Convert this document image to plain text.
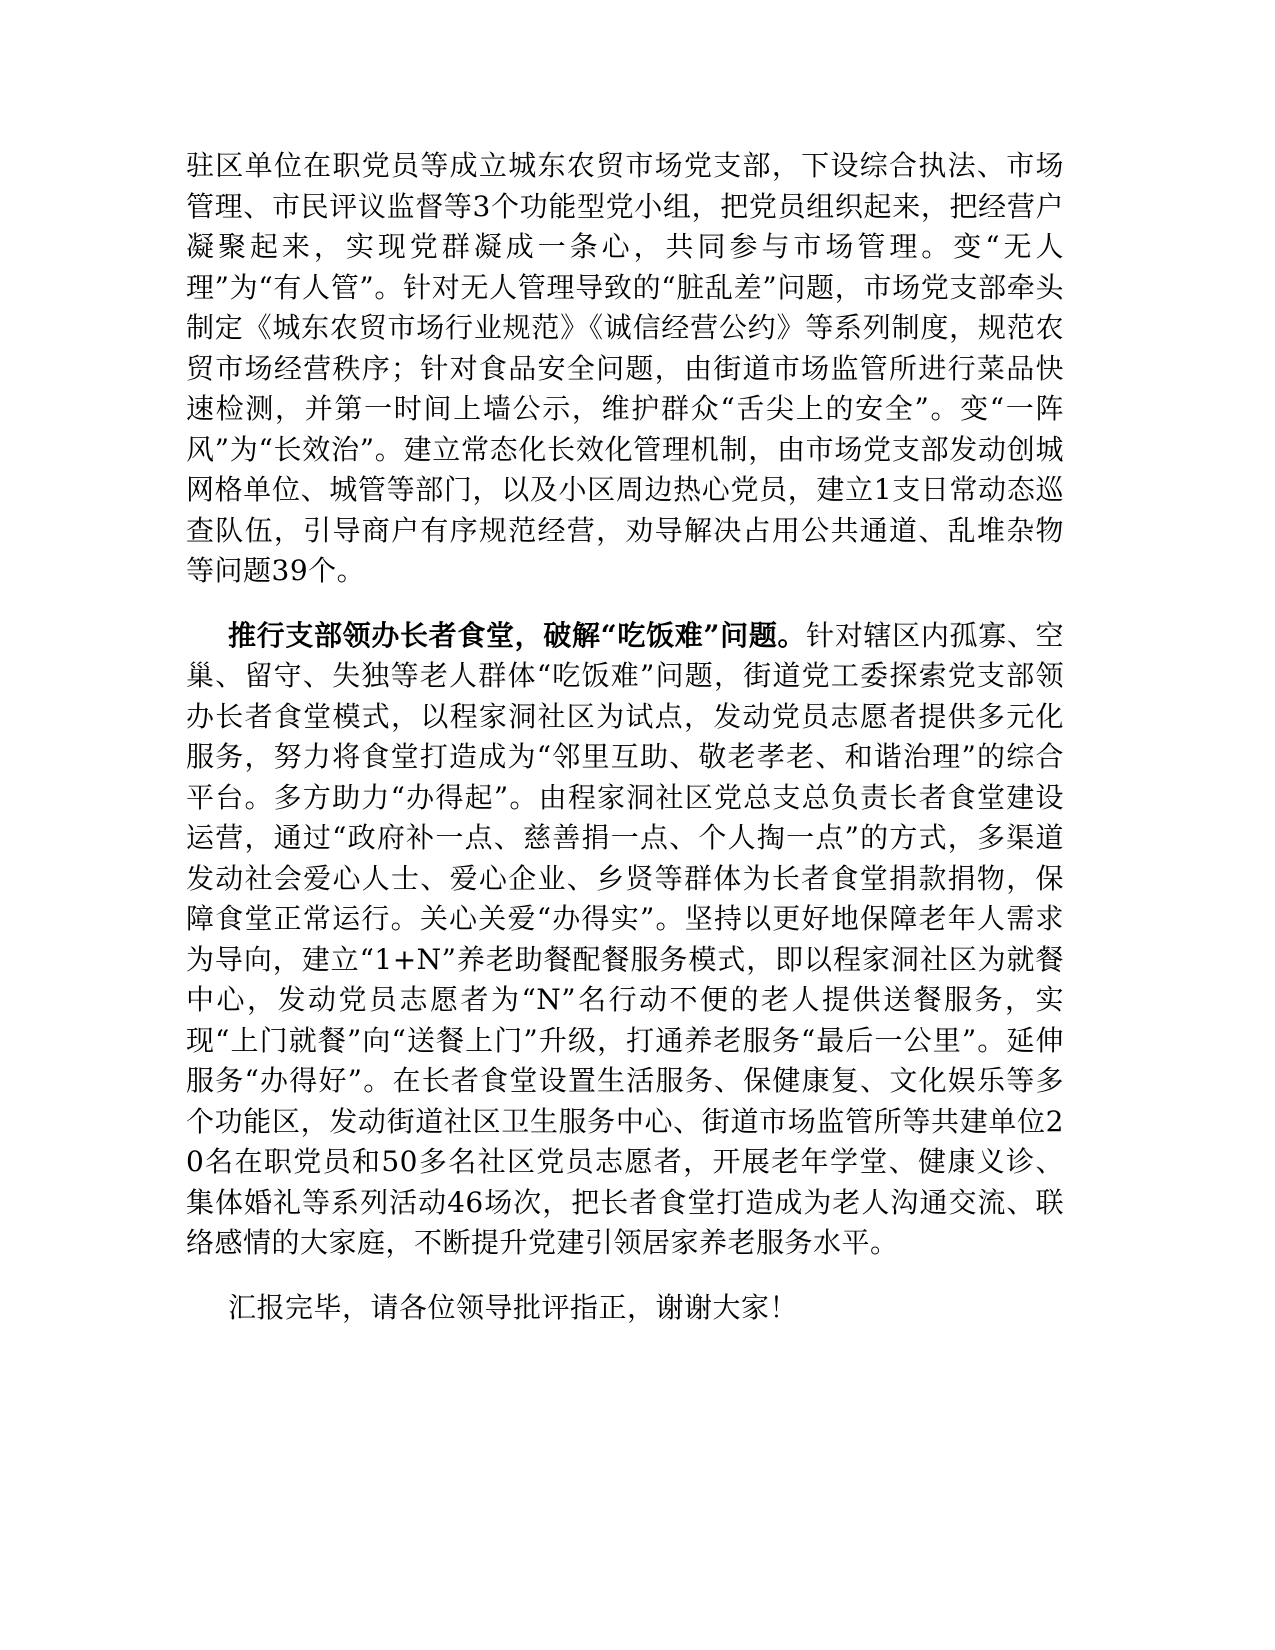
驻区单位在职党员等成立城东农贸市场党支部，下设综合执法、市场管理、市民评议监督等3个功能型党小组，把党员组织起来，把经营户凝聚起来，实现党群凝成一条心，共同参与市场管理。变“无人理”为“有人管”。针对无人管理导致的“脏乱差”问题，市场党支部牵头制定《城东农贸市场行业规范》《诚信经营公约》等系列制度，规范农贸市场经营秩序；针对食品安全问题，由街道市场监管所进行菜品快速检测，并第一时间上墙公示，维护群众“舌尖上的安全”。变“一阵风”为“长效治”。建立常态化长效化管理机制，由市场党支部发动创城网格单位、城管等部门，以及小区周边热心党员，建立1支日常动态巡查队伍，引导商户有序规范经营，劝导解决占用公共通道、乱堆杂物等问题39个。

推行支部领办长者食堂，破解“吃饭难”问题。针对辖区内孤寡、空巢、留守、失独等老人群体“吃饭难”问题，街道党工委探索党支部领办长者食堂模式，以程家洞社区为试点，发动党员志愿者提供多元化服务，努力将食堂打造成为“邻里互助、敬老孝老、和谐治理”的综合平台。多方助力“办得起”。由程家洞社区党总支总负责长者食堂建设运营，通过“政府补一点、慈善捐一点、个人掏一点”的方式，多渠道发动社会爱心人士、爱心企业、乡贤等群体为长者食堂捐款捐物，保障食堂正常运行。关心关爱“办得实”。坚持以更好地保障老年人需求为导向，建立“1+N”养老助餐配餐服务模式，即以程家洞社区为就餐中心，发动党员志愿者为“N”名行动不便的老人提供送餐服务，实现“上门就餐”向“送餐上门”升级，打通养老服务“最后一公里”。延伸服务“办得好”。在长者食堂设置生活服务、保健康复、文化娱乐等多个功能区，发动街道社区卫生服务中心、街道市场监管所等共建单位20名在职党员和50多名社区党员志愿者，开展老年学堂、健康义诊、集体婚礼等系列活动46场次，把长者食堂打造成为老人沟通交流、联络感情的大家庭，不断提升党建引领居家养老服务水平。

汇报完毕，请各位领导批评指正，谢谢大家！
